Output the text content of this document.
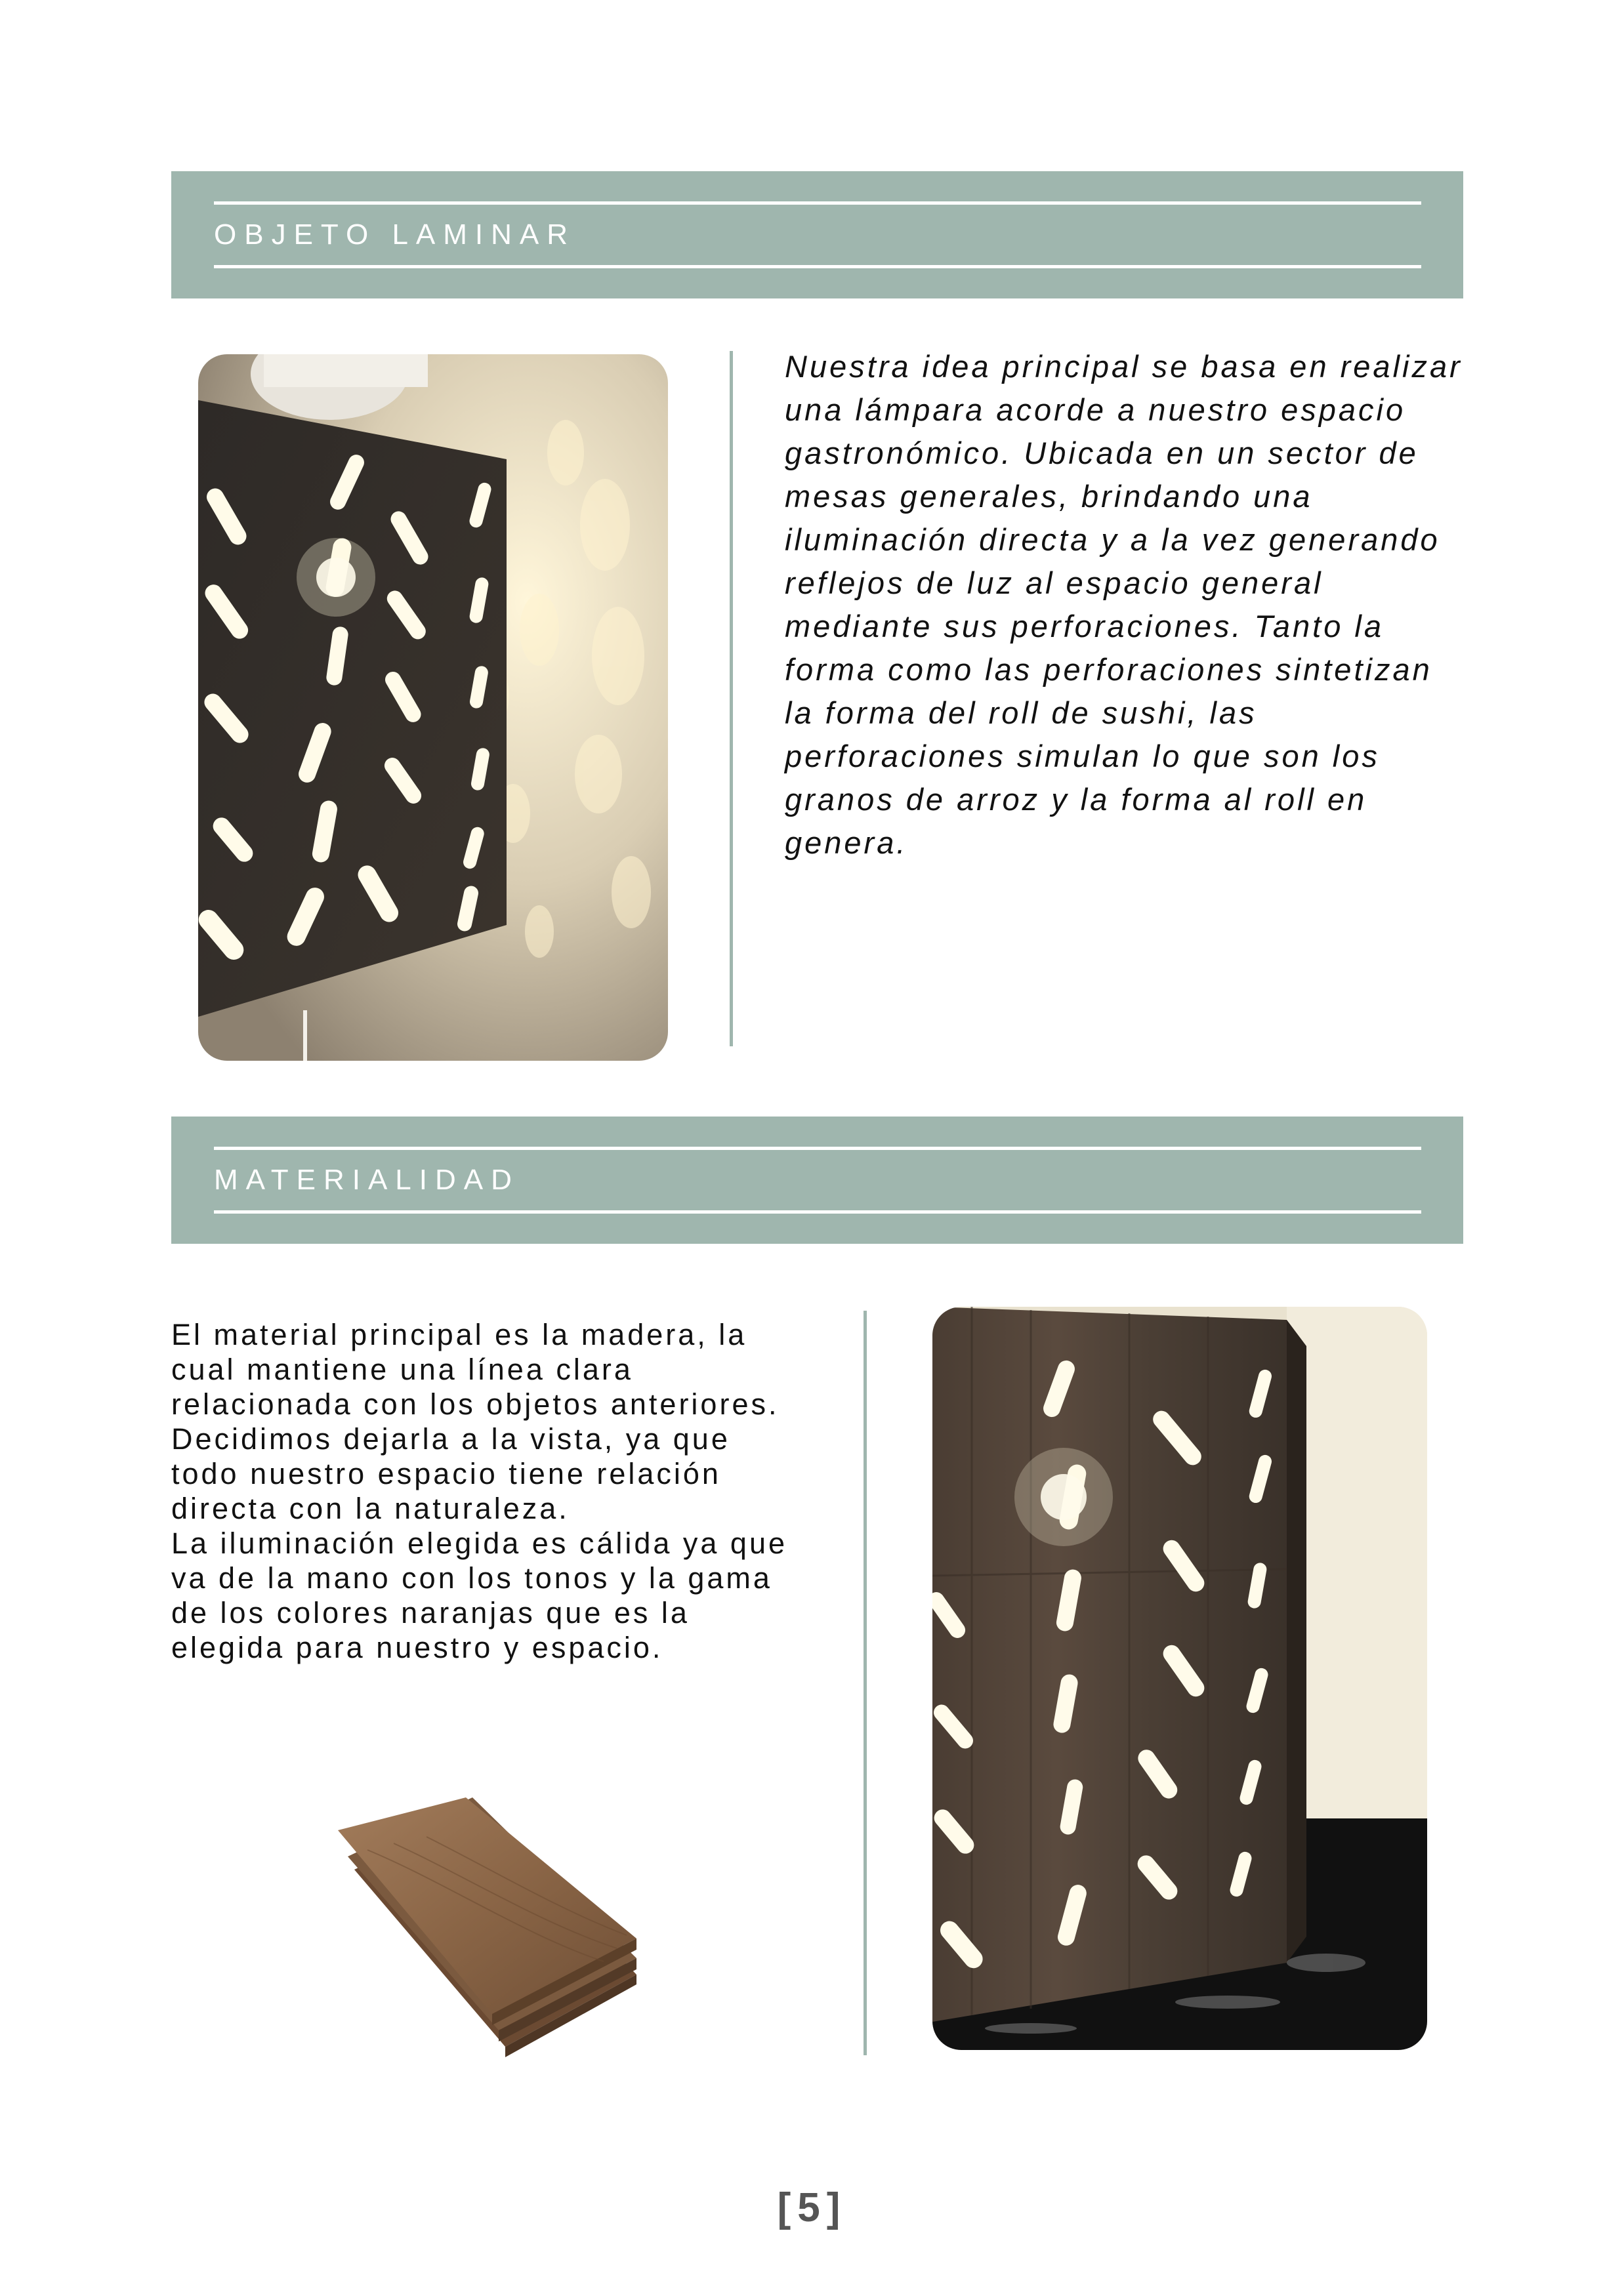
OBJETO LAMINAR

Nuestra idea principal se basa en realizar una lámpara acorde a nuestro espacio gastronómico. Ubicada en un sector de mesas generales, brindando una iluminación directa y a la vez generando reflejos de luz al espacio general mediante sus perforaciones. Tanto la forma como las perforaciones sintetizan la forma del roll de sushi, las perforaciones simulan lo que son los granos de arroz y la forma al roll en genera.

MATERIALIDAD

El material principal es la madera, la cual mantiene una línea clara relacionada con los objetos anteriores.

Decidimos dejarla a la vista, ya que todo nuestro espacio tiene relación directa con la naturaleza.

La iluminación elegida es cálida ya que va de la mano con los tonos y la gama de los colores naranjas que es la elegida para nuestro y espacio.

[5]
